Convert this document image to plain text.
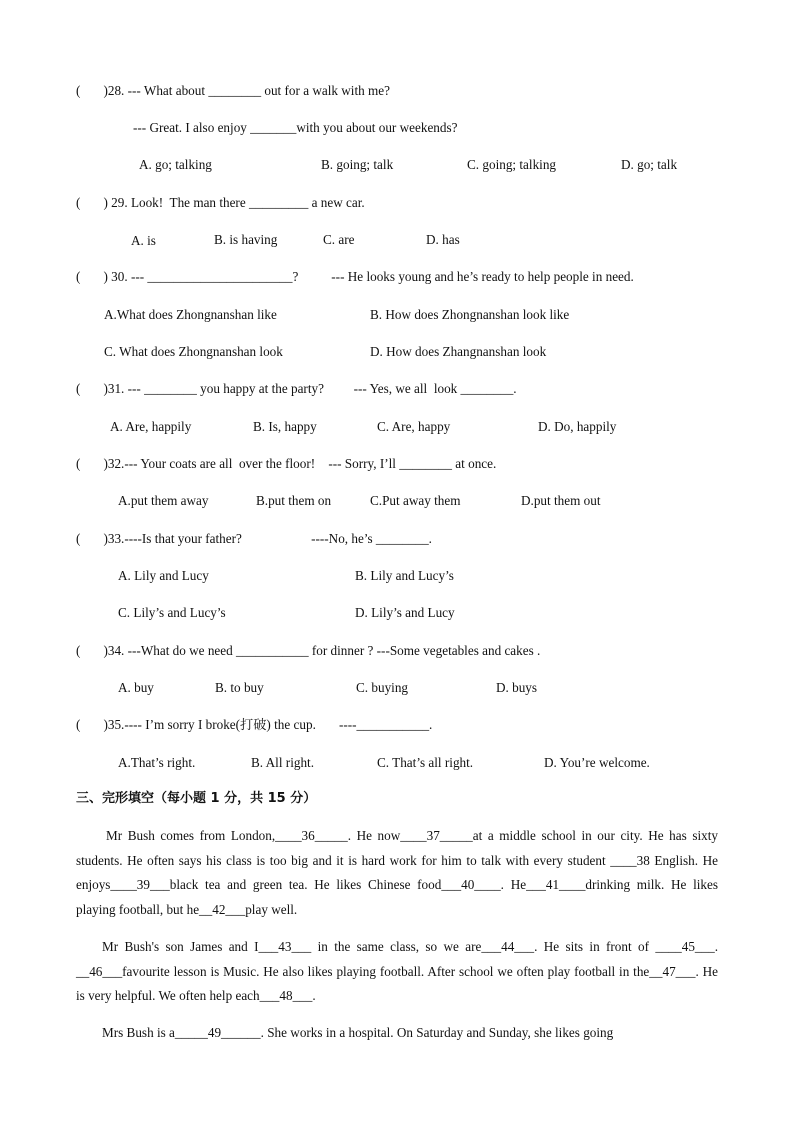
(       )28. --- What about ________ out for a walk with me?
--- Great. I also enjoy _______with you about our weekends?
A. go; talking	B. going; talk	C. going; talking	D. go; talk
(       ) 29. Look!  The man there _________ a new car.
A. is	B. is having	C. are	D. has
(       ) 30. --- ______________________?          --- He looks young and he’s ready to help people in need.
A.What does Zhongnanshan like	B. How does Zhongnanshan look like
C. What does Zhongnanshan look	D. How does Zhangnanshan look
(       )31. --- ________ you happy at the party?         --- Yes, we all  look ________.
A. Are, happily	B. Is, happy	C. Are, happy	D. Do, happily
(       )32.--- Your coats are all  over the floor!    --- Sorry, I’ll ________ at once.
A.put them away	B.put them on	C.Put away them	D.put them out
(       )33.----Is that your father?                     ----No, he’s ________.
A. Lily and Lucy	B. Lily and Lucy’s
C. Lily’s and Lucy’s	D. Lily’s and Lucy
(       )34. ---What do we need ___________ for dinner ? ---Some vegetables and cakes .
A. buy	B. to buy	C. buying	D. buys
(       )35.---- I’m sorry I broke(打破) the cup.       ----___________.
A.That’s right.	B. All right.	C. That’s all right.	D. You’re welcome.
三、完形填空（每小题 1 分，共 15 分）

Mr Bush comes from London,____36_____. He now____37_____at a middle school in our city. He has sixty students. He often says his class is too big and it is hard work for him to talk with every student ____38 English. He enjoys____39___black tea and green tea. He likes Chinese food___40____. He___41____drinking milk. He likes playing football, but he__42___play well.

Mr Bush's son James and I___43___ in the same class, so we are___44___. He sits in front of ____45___. __46___favourite lesson is Music. He also likes playing football. After school we often play football in the__47___. He is very helpful. We often help each___48___.

Mrs Bush is a_____49______. She works in a hospital. On Saturday and Sunday, she likes going
